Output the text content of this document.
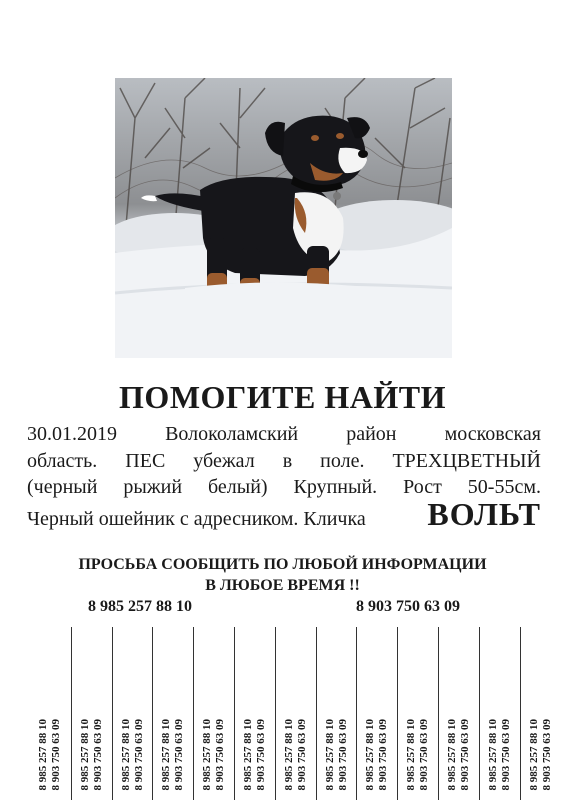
ПОМОГИТЕ НАЙТИ
30.01.2019 Волоколамский район московская
область. ПЕС убежал в поле. ТРЕХЦВЕТНЫЙ
(черный рыжий белый) Крупный. Рост 50-55см.
Черный ошейник с адресником. Кличка ВОЛЬТ
ПРОСЬБА СООБЩИТЬ ПО ЛЮБОЙ ИНФОРМАЦИИ
В ЛЮБОЕ ВРЕМЯ !!
8 985 257 88 10	8 903 750 63 09
8 985 257 88 10 8 903 750 63 09 8 985 257 88 10 8 903 750 63 09 8 985 257 88 10 8 903 750 63 09 8 985 257 88 10 8 903 750 63 09 8 985 257 88 10 8 903 750 63 09 8 985 257 88 10 8 903 750 63 09 8 985 257 88 10 8 903 750 63 09 8 985 257 88 10 8 903 750 63 09 8 985 257 88 10 8 903 750 63 09 8 985 257 88 10 8 903 750 63 09 8 985 257 88 10 8 903 750 63 09 8 985 257 88 10 8 903 750 63 09 8 985 257 88 10 8 903 750 63 09
